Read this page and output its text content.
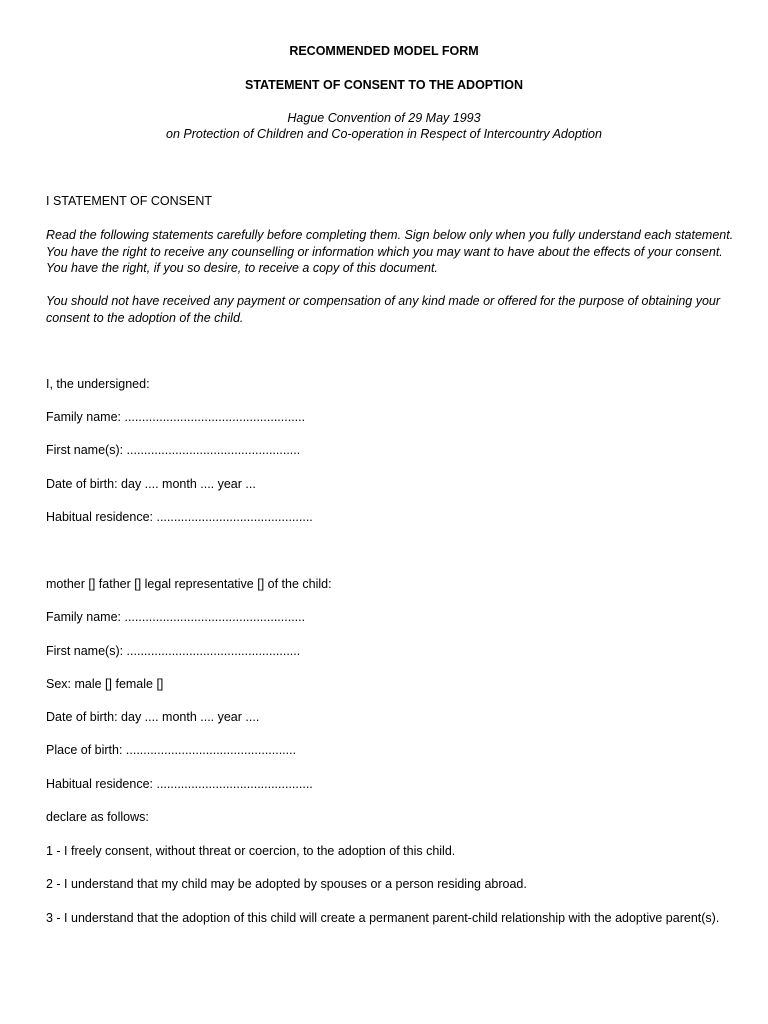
RECOMMENDED MODEL FORM
STATEMENT OF CONSENT TO THE ADOPTION
Hague Convention of 29 May 1993
on Protection of Children and Co-operation in Respect of Intercountry Adoption
I STATEMENT OF CONSENT
Read the following statements carefully before completing them. Sign below only when you fully understand each statement. You have the right to receive any counselling or information which you may want to have about the effects of your consent. You have the right, if you so desire, to receive a copy of this document.
You should not have received any payment or compensation of any kind made or offered for the purpose of obtaining your consent to the adoption of the child.
I, the undersigned:
Family name: ....................................................
First name(s): ..................................................
Date of birth: day .... month .... year ...
Habitual residence: .............................................
mother [] father [] legal representative [] of the child:
Family name: ....................................................
First name(s): ..................................................
Sex: male [] female []
Date of birth: day .... month .... year ....
Place of birth: .................................................
Habitual residence: .............................................
declare as follows:
1 - I freely consent, without threat or coercion, to the adoption of this child.
2 - I understand that my child may be adopted by spouses or a person residing abroad.
3 - I understand that the adoption of this child will create a permanent parent-child relationship with the adoptive parent(s).
